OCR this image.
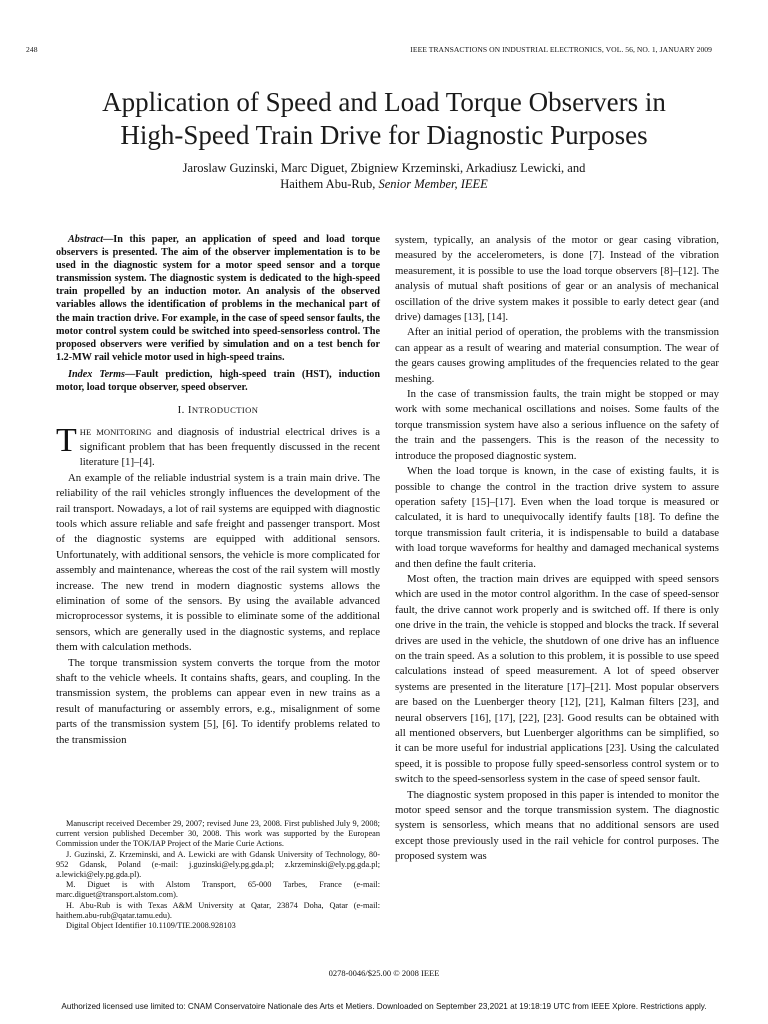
248	IEEE TRANSACTIONS ON INDUSTRIAL ELECTRONICS, VOL. 56, NO. 1, JANUARY 2009
Application of Speed and Load Torque Observers in
High-Speed Train Drive for Diagnostic Purposes
Jaroslaw Guzinski, Marc Diguet, Zbigniew Krzeminski, Arkadiusz Lewicki, and
Haithem Abu-Rub, Senior Member, IEEE

Abstract—In this paper, an application of speed and load torque observers is presented. The aim of the observer implementation is to be used in the diagnostic system for a motor speed sensor and a torque transmission system. The diagnostic system is dedicated to the high-speed train propelled by an induction motor. An analysis of the observed variables allows the identification of problems in the mechanical part of the main traction drive. For example, in the case of speed sensor faults, the motor control system could be switched into speed-sensorless control. The proposed observers were verified by simulation and on a test bench for 1.2-MW rail vehicle motor used in high-speed trains.

Index Terms—Fault prediction, high-speed train (HST), induction motor, load torque observer, speed observer.

I. INTRODUCTION

THE MONITORING and diagnosis of industrial electrical drives is a significant problem that has been frequently discussed in the recent literature [1]–[4].

An example of the reliable industrial system is a train main drive. The reliability of the rail vehicles strongly influences the development of the rail transport. Nowadays, a lot of rail systems are equipped with diagnostic tools which assure reliable and safe freight and passenger transport. Most of the diagnostic systems are equipped with additional sensors. Unfortunately, with additional sensors, the vehicle is more complicated for assembly and maintenance, whereas the cost of the rail system will mostly increase. The new trend in modern diagnostic systems allows the elimination of some of the sensors. By using the available advanced microprocessor systems, it is possible to eliminate some of the additional sensors, which are generally used in the diagnostic systems, and replace them with calculation methods.

The torque transmission system converts the torque from the motor shaft to the vehicle wheels. It contains shafts, gears, and coupling. In the transmission system, the problems can appear even in new trains as a result of manufacturing or assembly errors, e.g., misalignment of some parts of the transmission system [5], [6]. To identify problems related to the transmission

Manuscript received December 29, 2007; revised June 23, 2008. First published July 9, 2008; current version published December 30, 2008. This work was supported by the European Commission under the TOK/IAP Project of the Marie Curie Actions.

J. Guzinski, Z. Krzeminski, and A. Lewicki are with Gdansk University of Technology, 80-952 Gdansk, Poland (e-mail: j.guzinski@ely.pg.gda.pl; z.krzeminski@ely.pg.gda.pl; a.lewicki@ely.pg.gda.pl).

M. Diguet is with Alstom Transport, 65-000 Tarbes, France (e-mail: marc.diguet@transport.alstom.com).

H. Abu-Rub is with Texas A&M University at Qatar, 23874 Doha, Qatar (e-mail: haithem.abu-rub@qatar.tamu.edu).

Digital Object Identifier 10.1109/TIE.2008.928103

system, typically, an analysis of the motor or gear casing vibration, measured by the accelerometers, is done [7]. Instead of the vibration measurement, it is possible to use the load torque observers [8]–[12]. The analysis of mutual shaft positions of gear or an analysis of mechanical oscillation of the drive system makes it possible to early detect gear (and drive) damages [13], [14].

After an initial period of operation, the problems with the transmission can appear as a result of wearing and material consumption. The wear of the gears causes growing amplitudes of the frequencies related to the gear meshing.

In the case of transmission faults, the train might be stopped or may work with some mechanical oscillations and noises. Some faults of the torque transmission system have also a serious influence on the safety of the train and the passengers. This is the reason of the necessity to introduce the proposed diagnostic system.

When the load torque is known, in the case of existing faults, it is possible to change the control in the traction drive system to assure operation safety [15]–[17]. Even when the load torque is measured or calculated, it is hard to unequivocally identify faults [18]. To define the torque transmission fault criteria, it is indispensable to build a database with load torque waveforms for healthy and damaged mechanical systems and then define the fault criteria.

Most often, the traction main drives are equipped with speed sensors which are used in the motor control algorithm. In the case of speed-sensor fault, the drive cannot work properly and is switched off. If there is only one drive in the train, the vehicle is stopped and blocks the track. If several drives are used in the vehicle, the shutdown of one drive has an influence on the train speed. As a solution to this problem, it is possible to use speed calculations instead of speed measurement. A lot of speed observer systems are presented in the literature [17]–[21]. Most popular observers are based on the Luenberger theory [12], [21], Kalman filters [23], and neural observers [16], [17], [22], [23]. Good results can be obtained with all mentioned observers, but Luenberger algorithms can be simplified, so it can be more useful for industrial applications [23]. Using the calculated speed, it is possible to propose fully speed-sensorless control system or to switch to the speed-sensorless system in the case of speed sensor fault.

The diagnostic system proposed in this paper is intended to monitor the motor speed sensor and the torque transmission system. The diagnostic system is sensorless, which means that no additional sensors are used except those previously used in the rail vehicle for control purposes. The proposed system was

0278-0046/$25.00 © 2008 IEEE
Authorized licensed use limited to: CNAM Conservatoire Nationale des Arts et Metiers. Downloaded on September 23,2021 at 19:18:19 UTC from IEEE Xplore. Restrictions apply.
